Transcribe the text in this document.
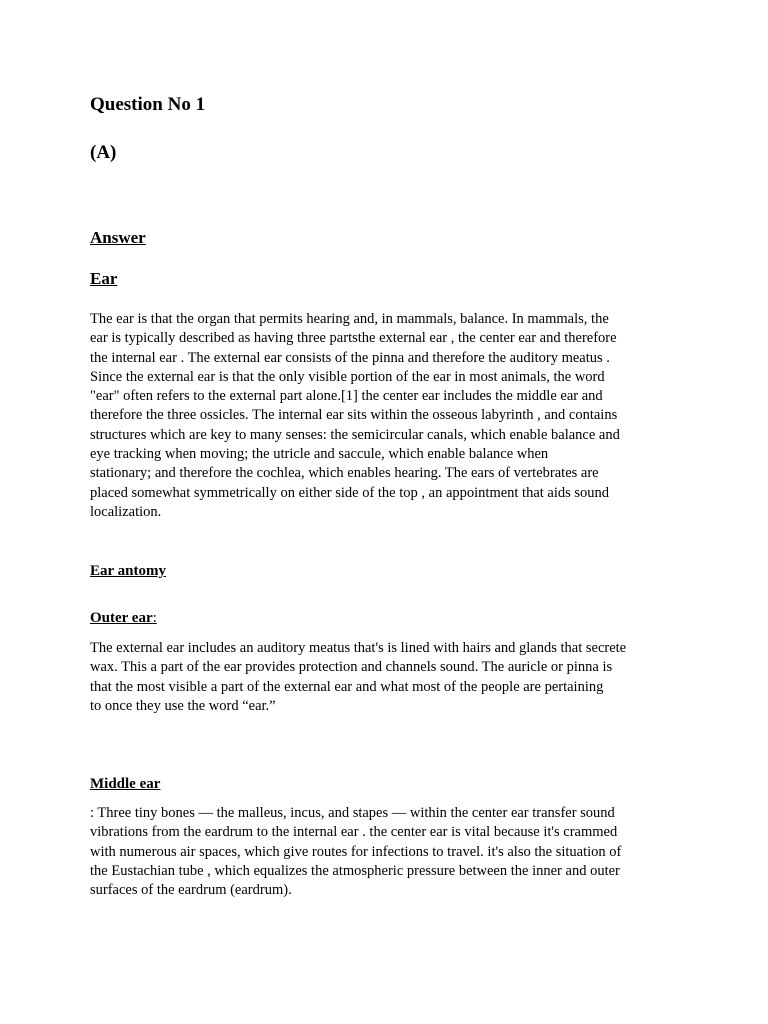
Question No 1
(A)
Answer
Ear

The ear is that the organ that permits hearing and, in mammals, balance. In mammals, the
ear is typically described as having three partsthe external ear , the center ear and therefore
the internal ear . The external ear consists of the pinna and therefore the auditory meatus .
Since the external ear is that the only visible portion of the ear in most animals, the word
"ear" often refers to the external part alone.[1] the center ear includes the middle ear and
therefore the three ossicles. The internal ear sits within the osseous labyrinth , and contains
structures which are key to many senses: the semicircular canals, which enable balance and
eye tracking when moving; the utricle and saccule, which enable balance when
stationary; and therefore the cochlea, which enables hearing. The ears of vertebrates are
placed somewhat symmetrically on either side of the top , an appointment that aids sound
localization.

Ear antomy
Outer ear:

The external ear includes an auditory meatus that's is lined with hairs and glands that secrete
wax. This a part of the ear provides protection and channels sound. The auricle or pinna is
that the most visible a part of the external ear and what most of the people are pertaining
to once they use the word “ear.”

Middle ear

: Three tiny bones — the malleus, incus, and stapes — within the center ear transfer sound
vibrations from the eardrum to the internal ear . the center ear is vital because it's crammed
with numerous air spaces, which give routes for infections to travel. it's also the situation of
the Eustachian tube , which equalizes the atmospheric pressure between the inner and outer
surfaces of the eardrum (eardrum).
